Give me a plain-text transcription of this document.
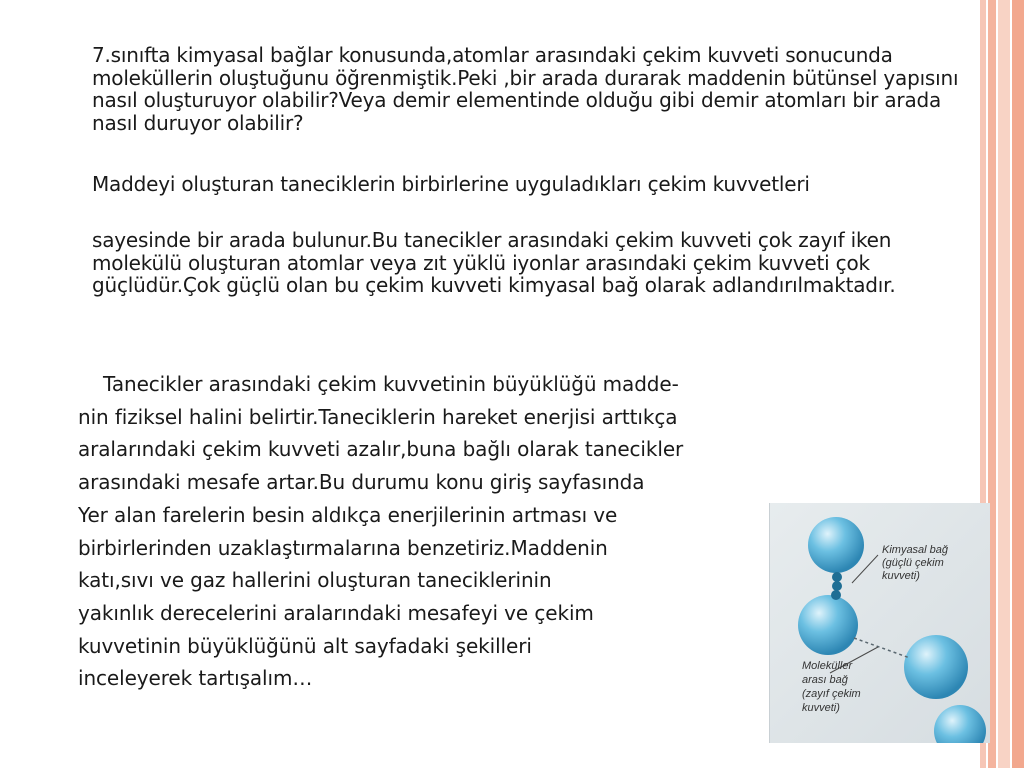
7.sınıfta kimyasal bağlar konusunda,atomlar arasındaki çekim kuvveti sonucunda moleküllerin oluştuğunu öğrenmiştik.Peki ,bir arada durarak maddenin bütünsel yapısını nasıl oluşturuyor olabilir?Veya demir elementinde olduğu gibi demir atomları bir arada nasıl duruyor olabilir?

Maddeyi oluşturan taneciklerin birbirlerine uyguladıkları çekim kuvvetleri

sayesinde bir arada bulunur.Bu tanecikler arasındaki çekim kuvveti çok zayıf iken molekülü oluşturan atomlar veya zıt yüklü iyonlar arasındaki çekim kuvveti çok güçlüdür.Çok güçlü olan bu çekim kuvveti kimyasal bağ olarak adlandırılmaktadır.

Tanecikler arasındaki çekim kuvvetinin büyüklüğü madde-
nin fiziksel halini belirtir.Taneciklerin hareket enerjisi arttıkça
aralarındaki çekim kuvveti azalır,buna bağlı olarak tanecikler
arasındaki mesafe artar.Bu durumu konu giriş sayfasında
Yer alan farelerin besin aldıkça enerjilerinin artması ve
birbirlerinden uzaklaştırmalarına benzetiriz.Maddenin
katı,sıvı ve gaz hallerini oluşturan taneciklerinin
yakınlık derecelerini aralarındaki mesafeyi ve çekim
kuvvetinin büyüklüğünü alt sayfadaki şekilleri
inceleyerek tartışalım…
Kimyasal bağ (güçlü çekim kuvveti)
Moleküller arası bağ (zayıf çekim kuvveti)
